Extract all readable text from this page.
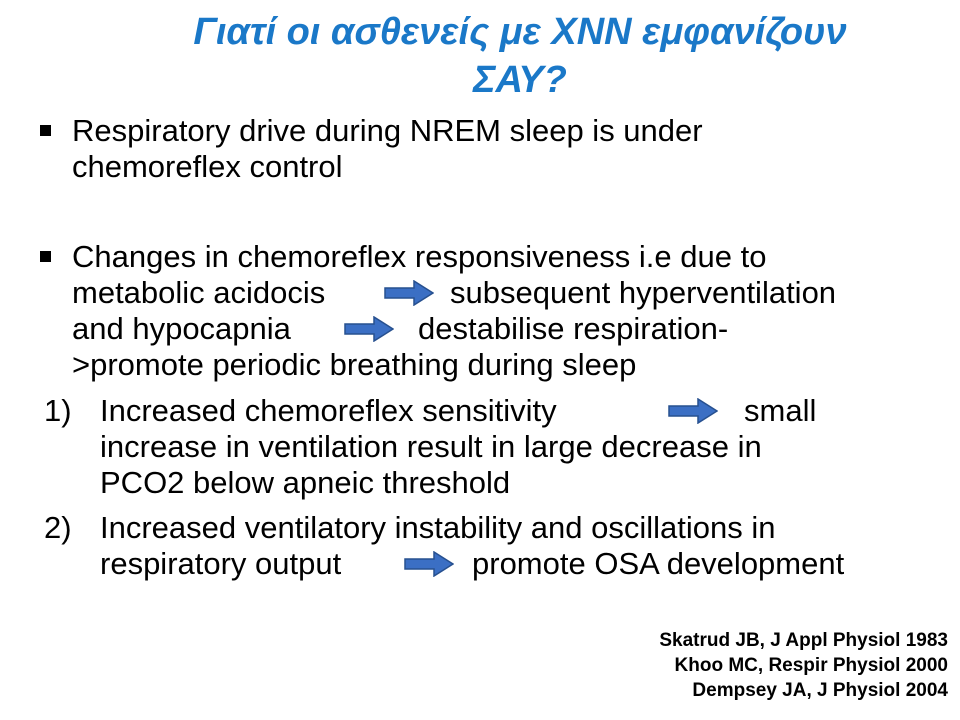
Γιατί οι ασθενείς με ΧΝΝ εμφανίζουν
ΣΑΥ?
Respiratory drive during NREM sleep is under
chemoreflex control
Changes in chemoreflex responsiveness i.e due to
metabolic acidocis	subsequent hyperventilation
and hypocapnia	destabilise respiration-
>promote periodic breathing during sleep
1) Increased chemoreflex sensitivity	small
increase in ventilation result in large decrease in
PCO2 below apneic threshold
2) Increased ventilatory instability and oscillations in
respiratory output	promote OSA development
Skatrud JB, J Appl Physiol 1983
Khoo MC, Respir Physiol 2000
Dempsey JA, J Physiol 2004
